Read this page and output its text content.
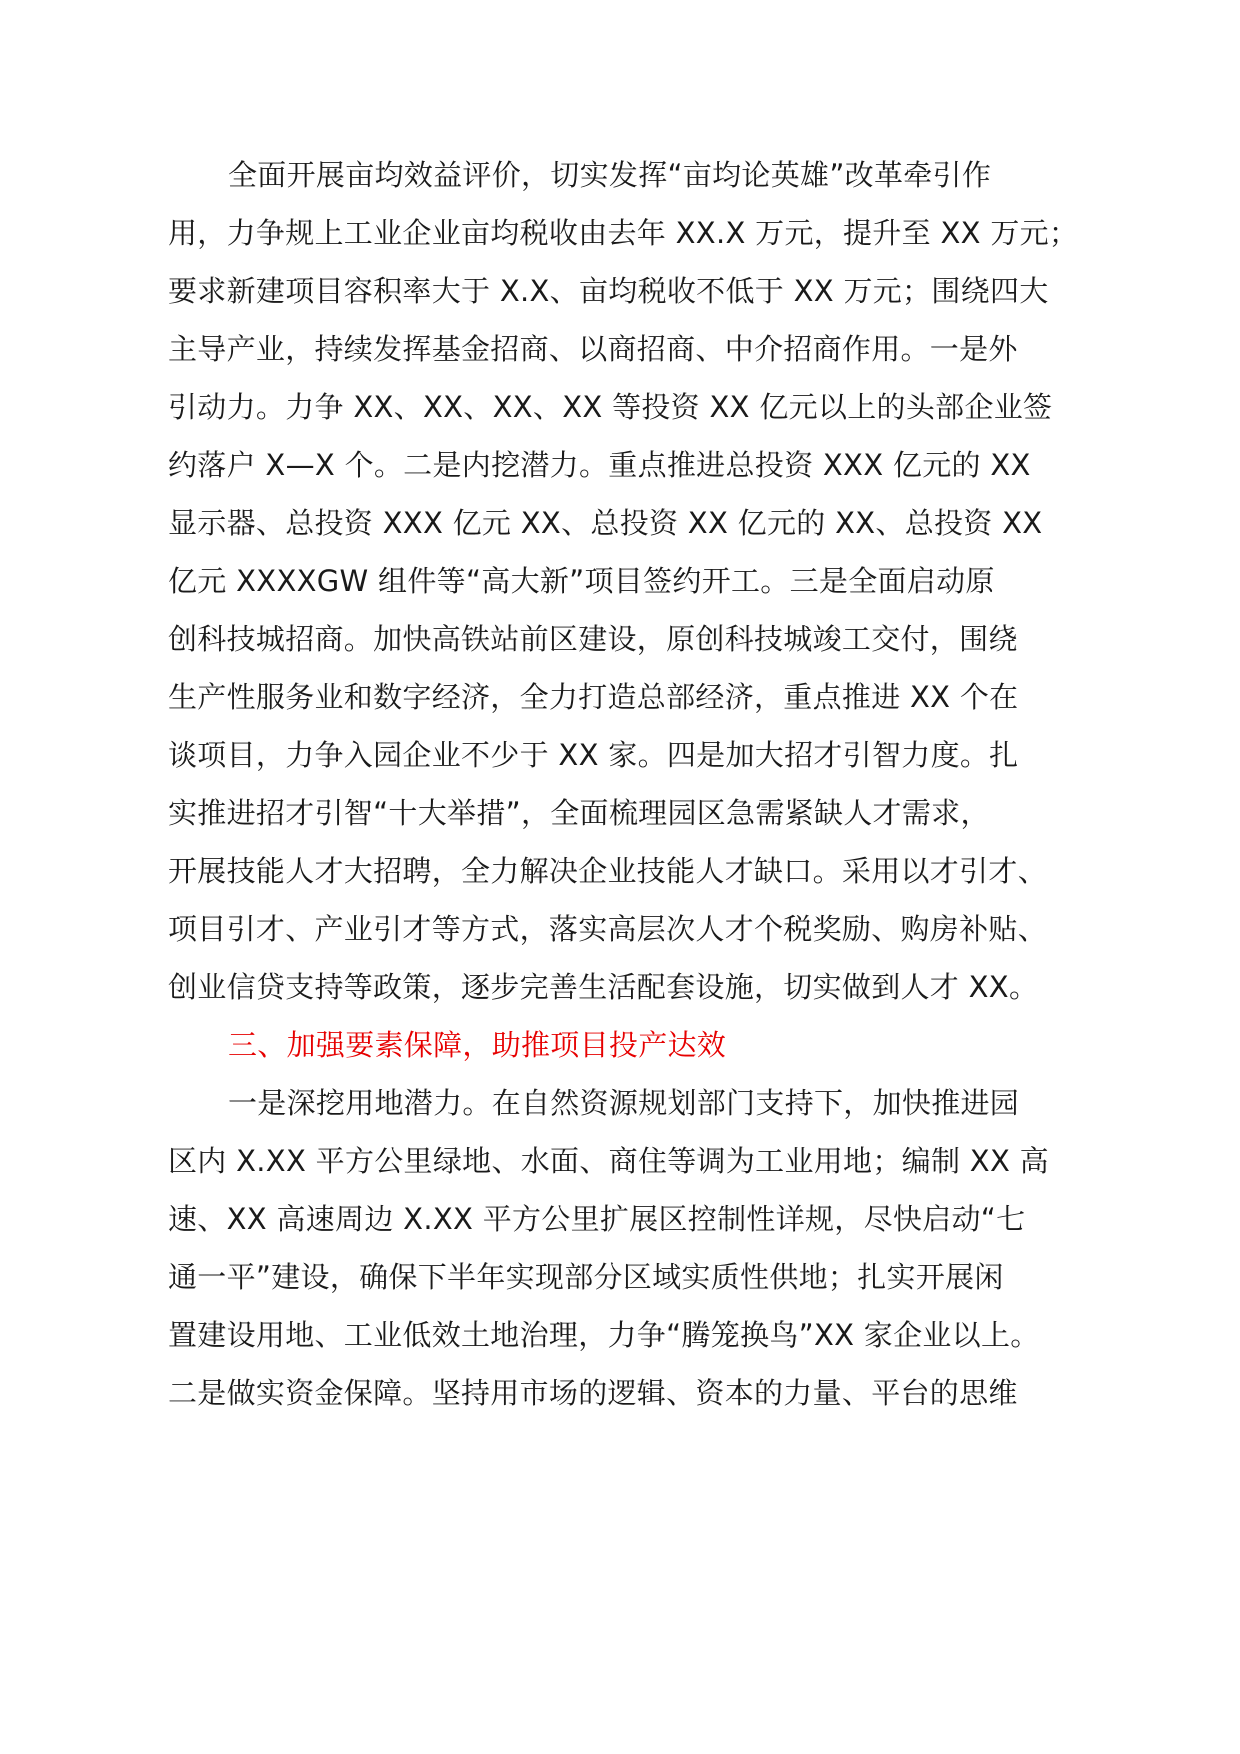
全面开展亩均效益评价，切实发挥“亩均论英雄”改革牵引作
用，力争规上工业企业亩均税收由去年 XX.X 万元，提升至 XX 万元；
要求新建项目容积率大于 X.X、亩均税收不低于 XX 万元；围绕四大
主导产业，持续发挥基金招商、以商招商、中介招商作用。一是外
引动力。力争 XX、XX、XX、XX 等投资 XX 亿元以上的头部企业签
约落户 X—X 个。二是内挖潜力。重点推进总投资 XXX 亿元的 XX
显示器、总投资 XXX 亿元 XX、总投资 XX 亿元的 XX、总投资 XX
亿元 XXXXGW 组件等“高大新”项目签约开工。三是全面启动原
创科技城招商。加快高铁站前区建设，原创科技城竣工交付，围绕
生产性服务业和数字经济，全力打造总部经济，重点推进 XX 个在
谈项目，力争入园企业不少于 XX 家。四是加大招才引智力度。扎
实推进招才引智“十大举措”，全面梳理园区急需紧缺人才需求，
开展技能人才大招聘，全力解决企业技能人才缺口。采用以才引才、
项目引才、产业引才等方式，落实高层次人才个税奖励、购房补贴、
创业信贷支持等政策，逐步完善生活配套设施，切实做到人才 XX。
三、加强要素保障，助推项目投产达效
一是深挖用地潜力。在自然资源规划部门支持下，加快推进园
区内 X.XX 平方公里绿地、水面、商住等调为工业用地；编制 XX 高
速、XX 高速周边 X.XX 平方公里扩展区控制性详规，尽快启动“七
通一平”建设，确保下半年实现部分区域实质性供地；扎实开展闲
置建设用地、工业低效土地治理，力争“腾笼换鸟”XX 家企业以上。
二是做实资金保障。坚持用市场的逻辑、资本的力量、平台的思维
